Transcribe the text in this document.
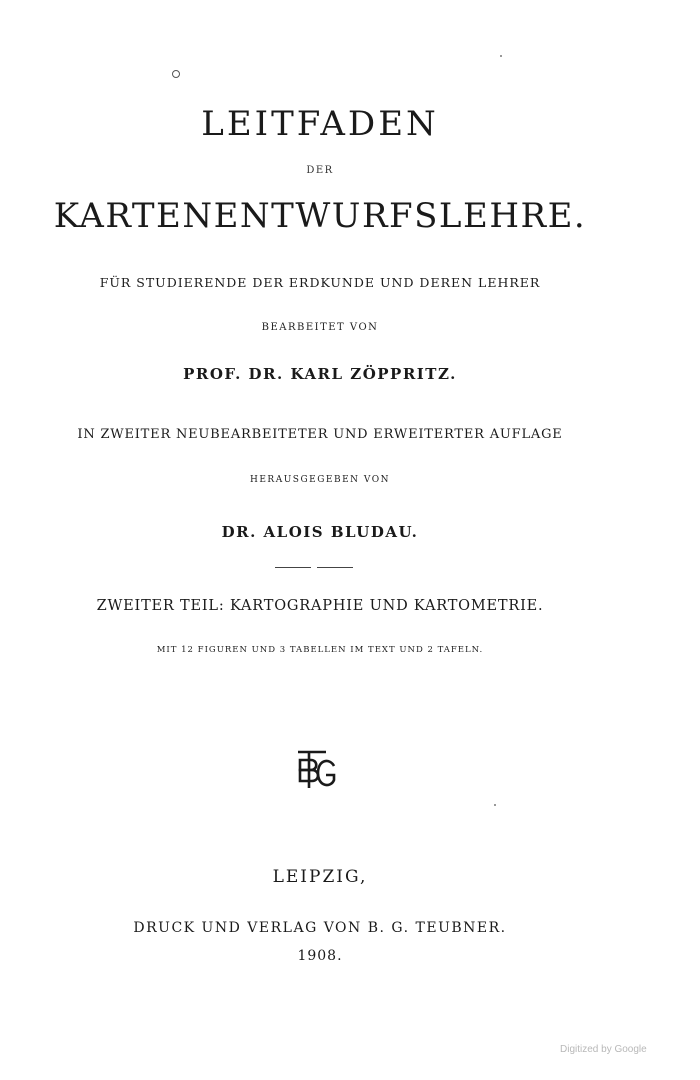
LEITFADEN
DER
KARTENENTWURFSLEHRE.
FÜR STUDIERENDE DER ERDKUNDE UND DEREN LEHRER
BEARBEITET VON
PROF. DR. KARL ZÖPPRITZ.
IN ZWEITER NEUBEARBEITETER UND ERWEITERTER AUFLAGE
HERAUSGEGEBEN VON
DR. ALOIS BLUDAU.
ZWEITER TEIL: KARTOGRAPHIE UND KARTOMETRIE.
MIT 12 FIGUREN UND 3 TABELLEN IM TEXT UND 2 TAFELN.
LEIPZIG,
DRUCK UND VERLAG VON B. G. TEUBNER.
1908.
Digitized by Google
